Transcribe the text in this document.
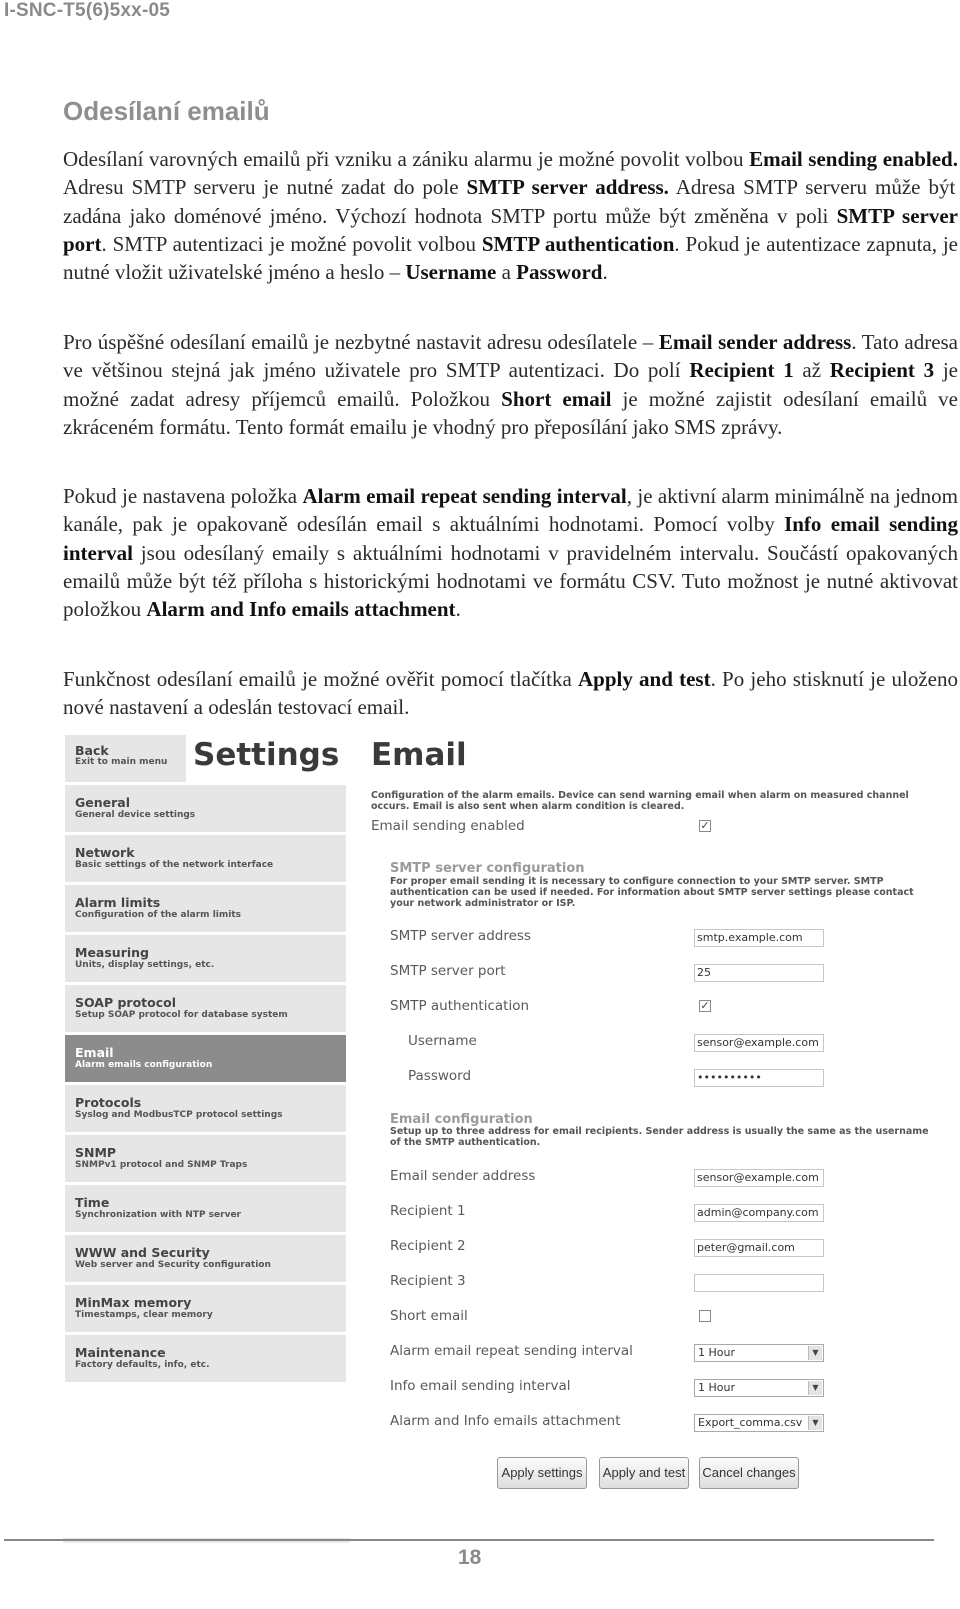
I-SNC-T5(6)5xx-05
Odesílaní emailů
Odesílaní varovných emailů při vzniku a zániku alarmu je možné povolit volbou Email sending enabled. Adresu SMTP serveru je nutné zadat do pole SMTP server address. Adresa SMTP serveru může být zadána jako doménové jméno. Výchozí hodnota SMTP portu může být změněna v poli SMTP server port. SMTP autentizaci je možné povolit volbou SMTP authentication. Pokud je autentizace zapnuta, je nutné vložit uživatelské jméno a heslo – Username a Password.
Pro úspěšné odesílaní emailů je nezbytné nastavit adresu odesílatele – Email sender address. Tato adresa ve většinou stejná jak jméno uživatele pro SMTP autentizaci. Do polí Recipient 1 až Recipient 3 je možné zadat adresy příjemců emailů. Položkou Short email je možné zajistit odesílaní emailů ve zkráceném formátu. Tento formát emailu je vhodný pro přeposílání jako SMS zprávy.
Pokud je nastavena položka Alarm email repeat sending interval, je aktivní alarm minimálně na jednom kanále, pak je opakovaně odesílán email s aktuálními hodnotami. Pomocí volby Info email sending interval jsou odesílaný emaily s aktuálními hodnotami v pravidelném intervalu. Součástí opakovaných emailů může být též příloha s historickými hodnotami ve formátu CSV. Tuto možnost je nutné aktivovat položkou Alarm and Info emails attachment.
Funkčnost odesílaní emailů je možné ověřit pomocí tlačítka Apply and test. Po jeho stisknutí je uloženo nové nastavení a odeslán testovací email.
Back
Exit to main menu Settings
General
General device settings
Network
Basic settings of the network interface
Alarm limits
Configuration of the alarm limits
Measuring
Units, display settings, etc.
SOAP protocol
Setup SOAP protocol for database system
Email
Alarm emails configuration
Protocols
Syslog and ModbusTCP protocol settings
SNMP
SNMPv1 protocol and SNMP Traps
Time
Synchronization with NTP server
WWW and Security
Web server and Security configuration
MinMax memory
Timestamps, clear memory
Maintenance
Factory defaults, info, etc.
Email
Configuration of the alarm emails. Device can send warning email when alarm on measured channel occurs. Email is also sent when alarm condition is cleared.
Email sending enabled	✓
SMTP server configuration
For proper email sending it is necessary to configure connection to your SMTP server. SMTP authentication can be used if needed. For information about SMTP server settings please contact your network administrator or ISP.
SMTP server address	smtp.example.com
SMTP server port	25
SMTP authentication	✓
Username	sensor@example.com
Password	••••••••••
Email configuration
Setup up to three address for email recipients. Sender address is usually the same as the username of the SMTP authentication.
Email sender address	sensor@example.com
Recipient 1	admin@company.com
Recipient 2	peter@gmail.com
Recipient 3
Short email
Alarm email repeat sending interval	1 Hour	▼
Info email sending interval	1 Hour	▼
Alarm and Info emails attachment	Export_comma.csv	▼
Apply settings	Apply and test Cancel changes
18
